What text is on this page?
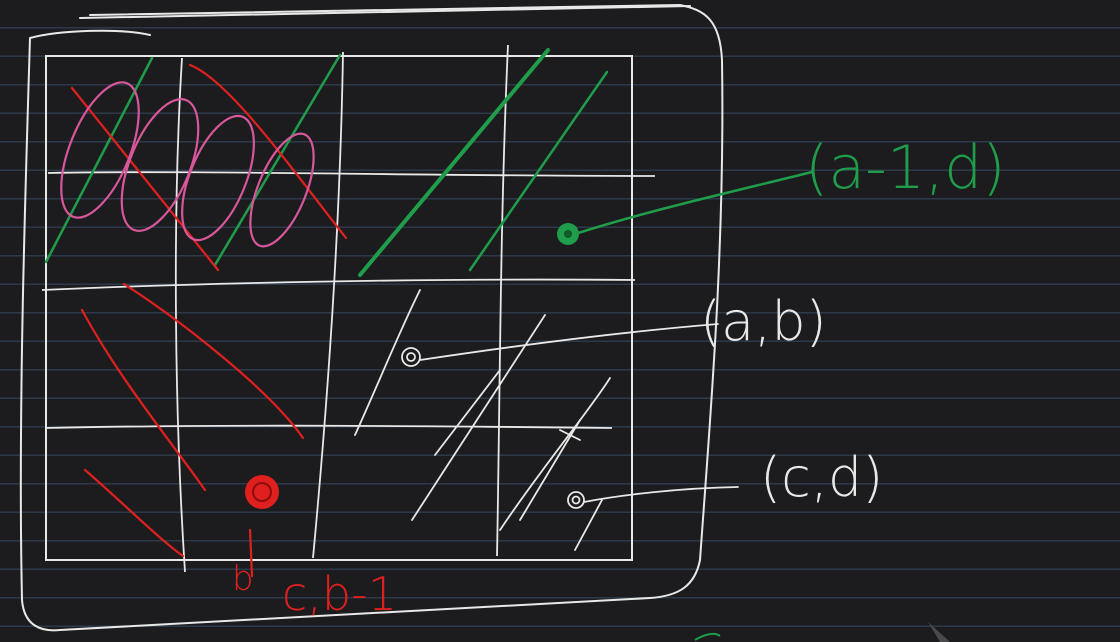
(a-1,d)
(a,b)
(c,d)
c,b-1
b
